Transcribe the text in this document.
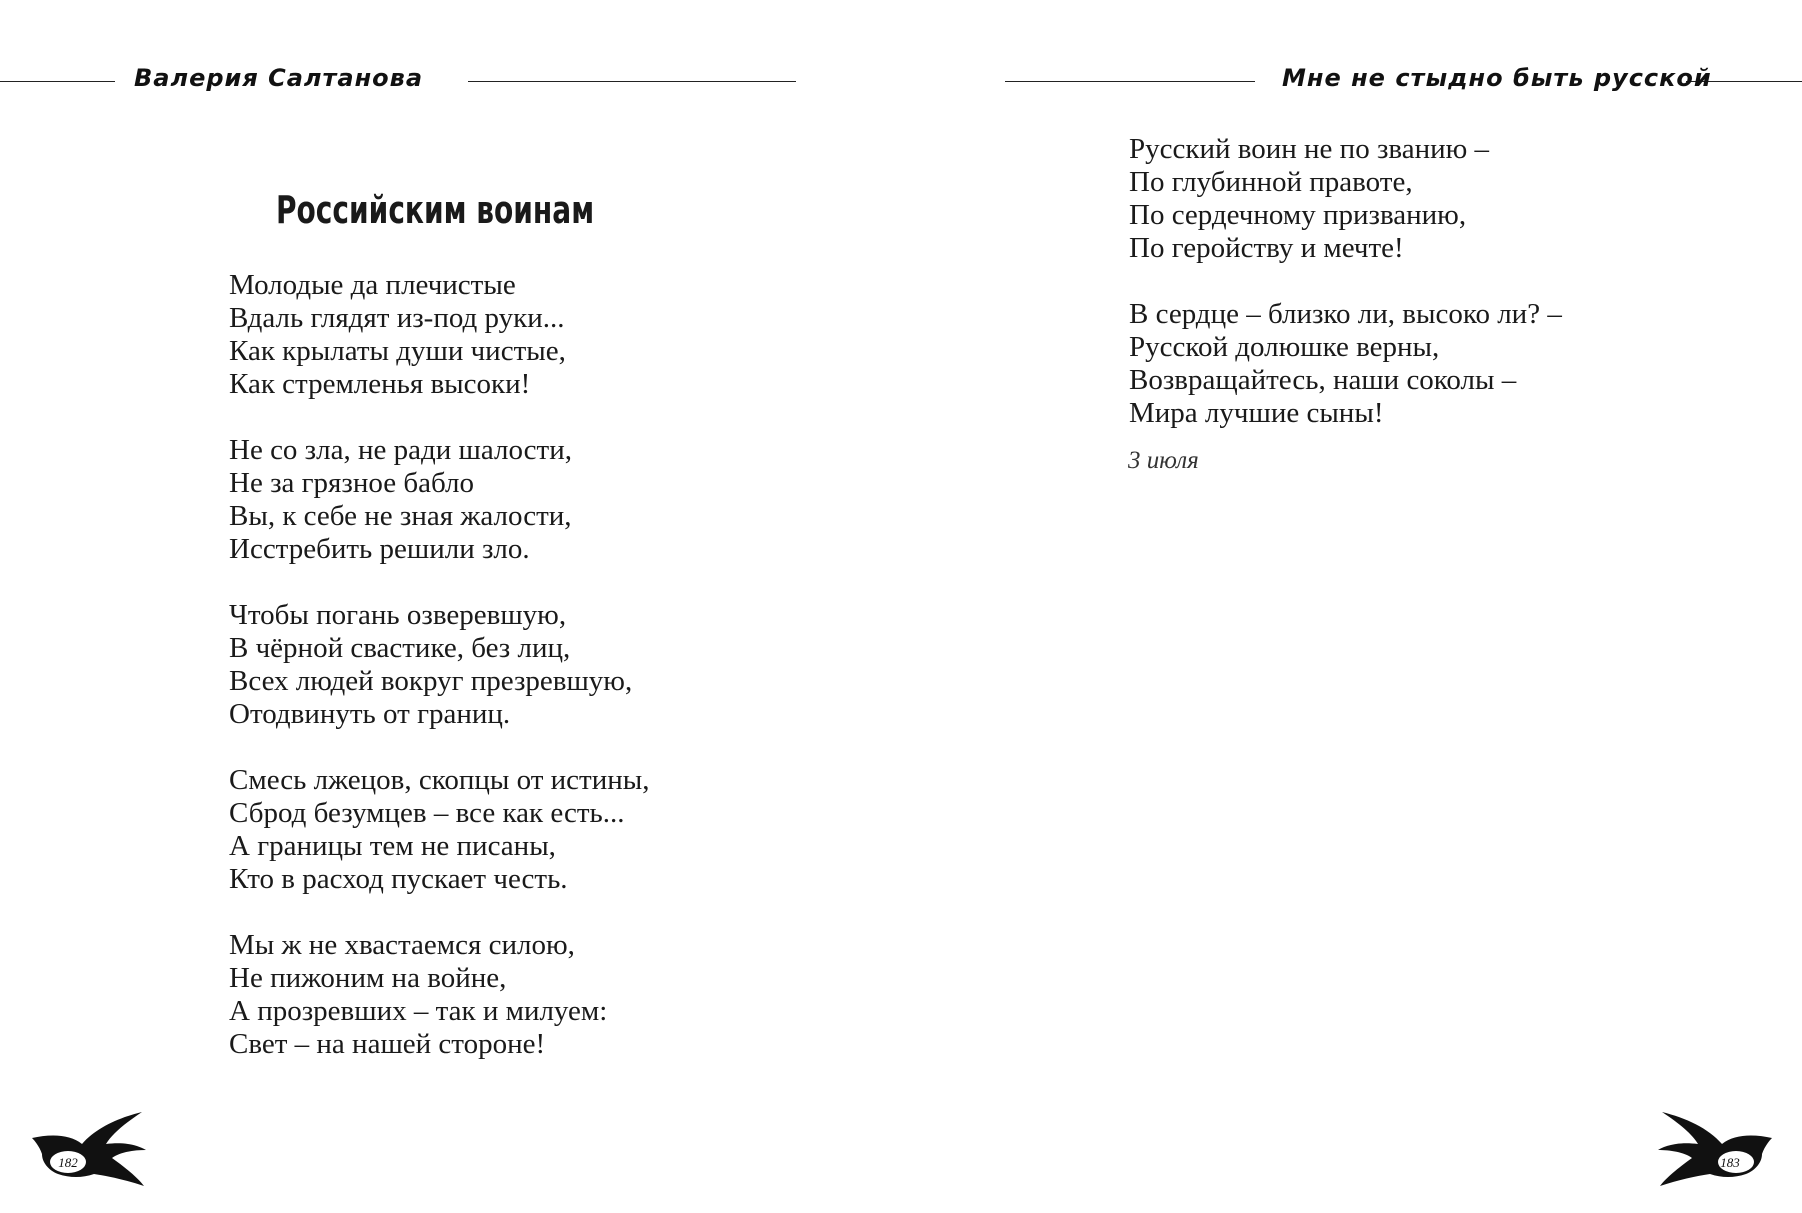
Валерия Салтанова	Мне не стыдно быть русской
Российским воинам
Молодые да плечистые
Вдаль глядят из-под руки...
Как крылаты души чистые,
Как стремленья высоки!
Не со зла, не ради шалости,
Не за грязное бабло
Вы, к себе не зная жалости,
Исстребить решили зло.
Чтобы погань озверевшую,
В чёрной свастике, без лиц,
Всех людей вокруг презревшую,
Отодвинуть от границ.
Смесь лжецов, скопцы от истины,
Сброд безумцев – все как есть...
А границы тем не писаны,
Кто в расход пускает честь.
Мы ж не хвастаемся силою,
Не пижоним на войне,
А прозревших – так и милуем:
Свет – на нашей стороне!
Русский воин не по званию –
По глубинной правоте,
По сердечному призванию,
По геройству и мечте!
В сердце – близко ли, высоко ли? –
Русской долюшке верны,
Возвращайтесь, наши соколы –
Мира лучшие сыны!
3 июля
182	183
